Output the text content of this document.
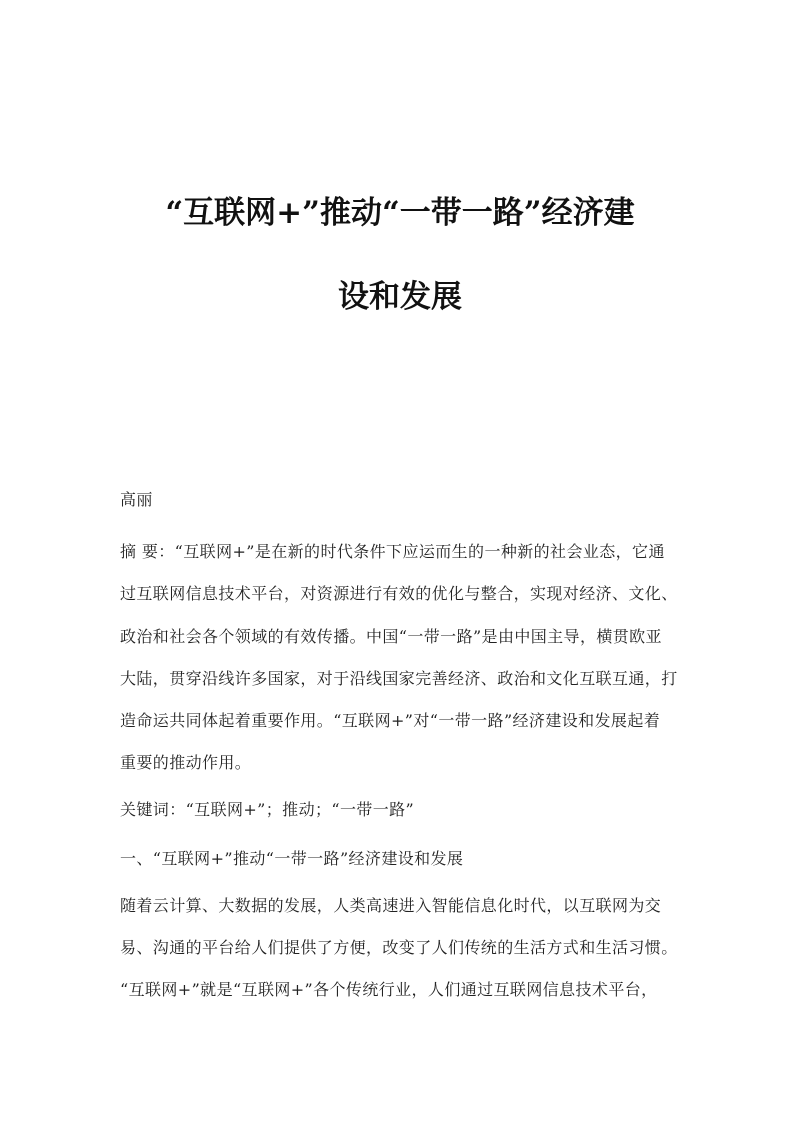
“互联网+”推动“一带一路”经济建
设和发展
高丽
摘 要：“互联网+”是在新的时代条件下应运而生的一种新的社会业态，它通
过互联网信息技术平台，对资源进行有效的优化与整合，实现对经济、文化、
政治和社会各个领域的有效传播。中国“一带一路”是由中国主导，横贯欧亚
大陆，贯穿沿线许多国家，对于沿线国家完善经济、政治和文化互联互通，打
造命运共同体起着重要作用。“互联网+”对“一带一路”经济建设和发展起着
重要的推动作用。
关键词：“互联网+”；推动；“一带一路”
一、“互联网+”推动“一带一路”经济建设和发展
随着云计算、大数据的发展，人类高速进入智能信息化时代，以互联网为交
易、沟通的平台给人们提供了方便，改变了人们传统的生活方式和生活习惯。
“互联网+”就是“互联网+”各个传统行业，人们通过互联网信息技术平台，
